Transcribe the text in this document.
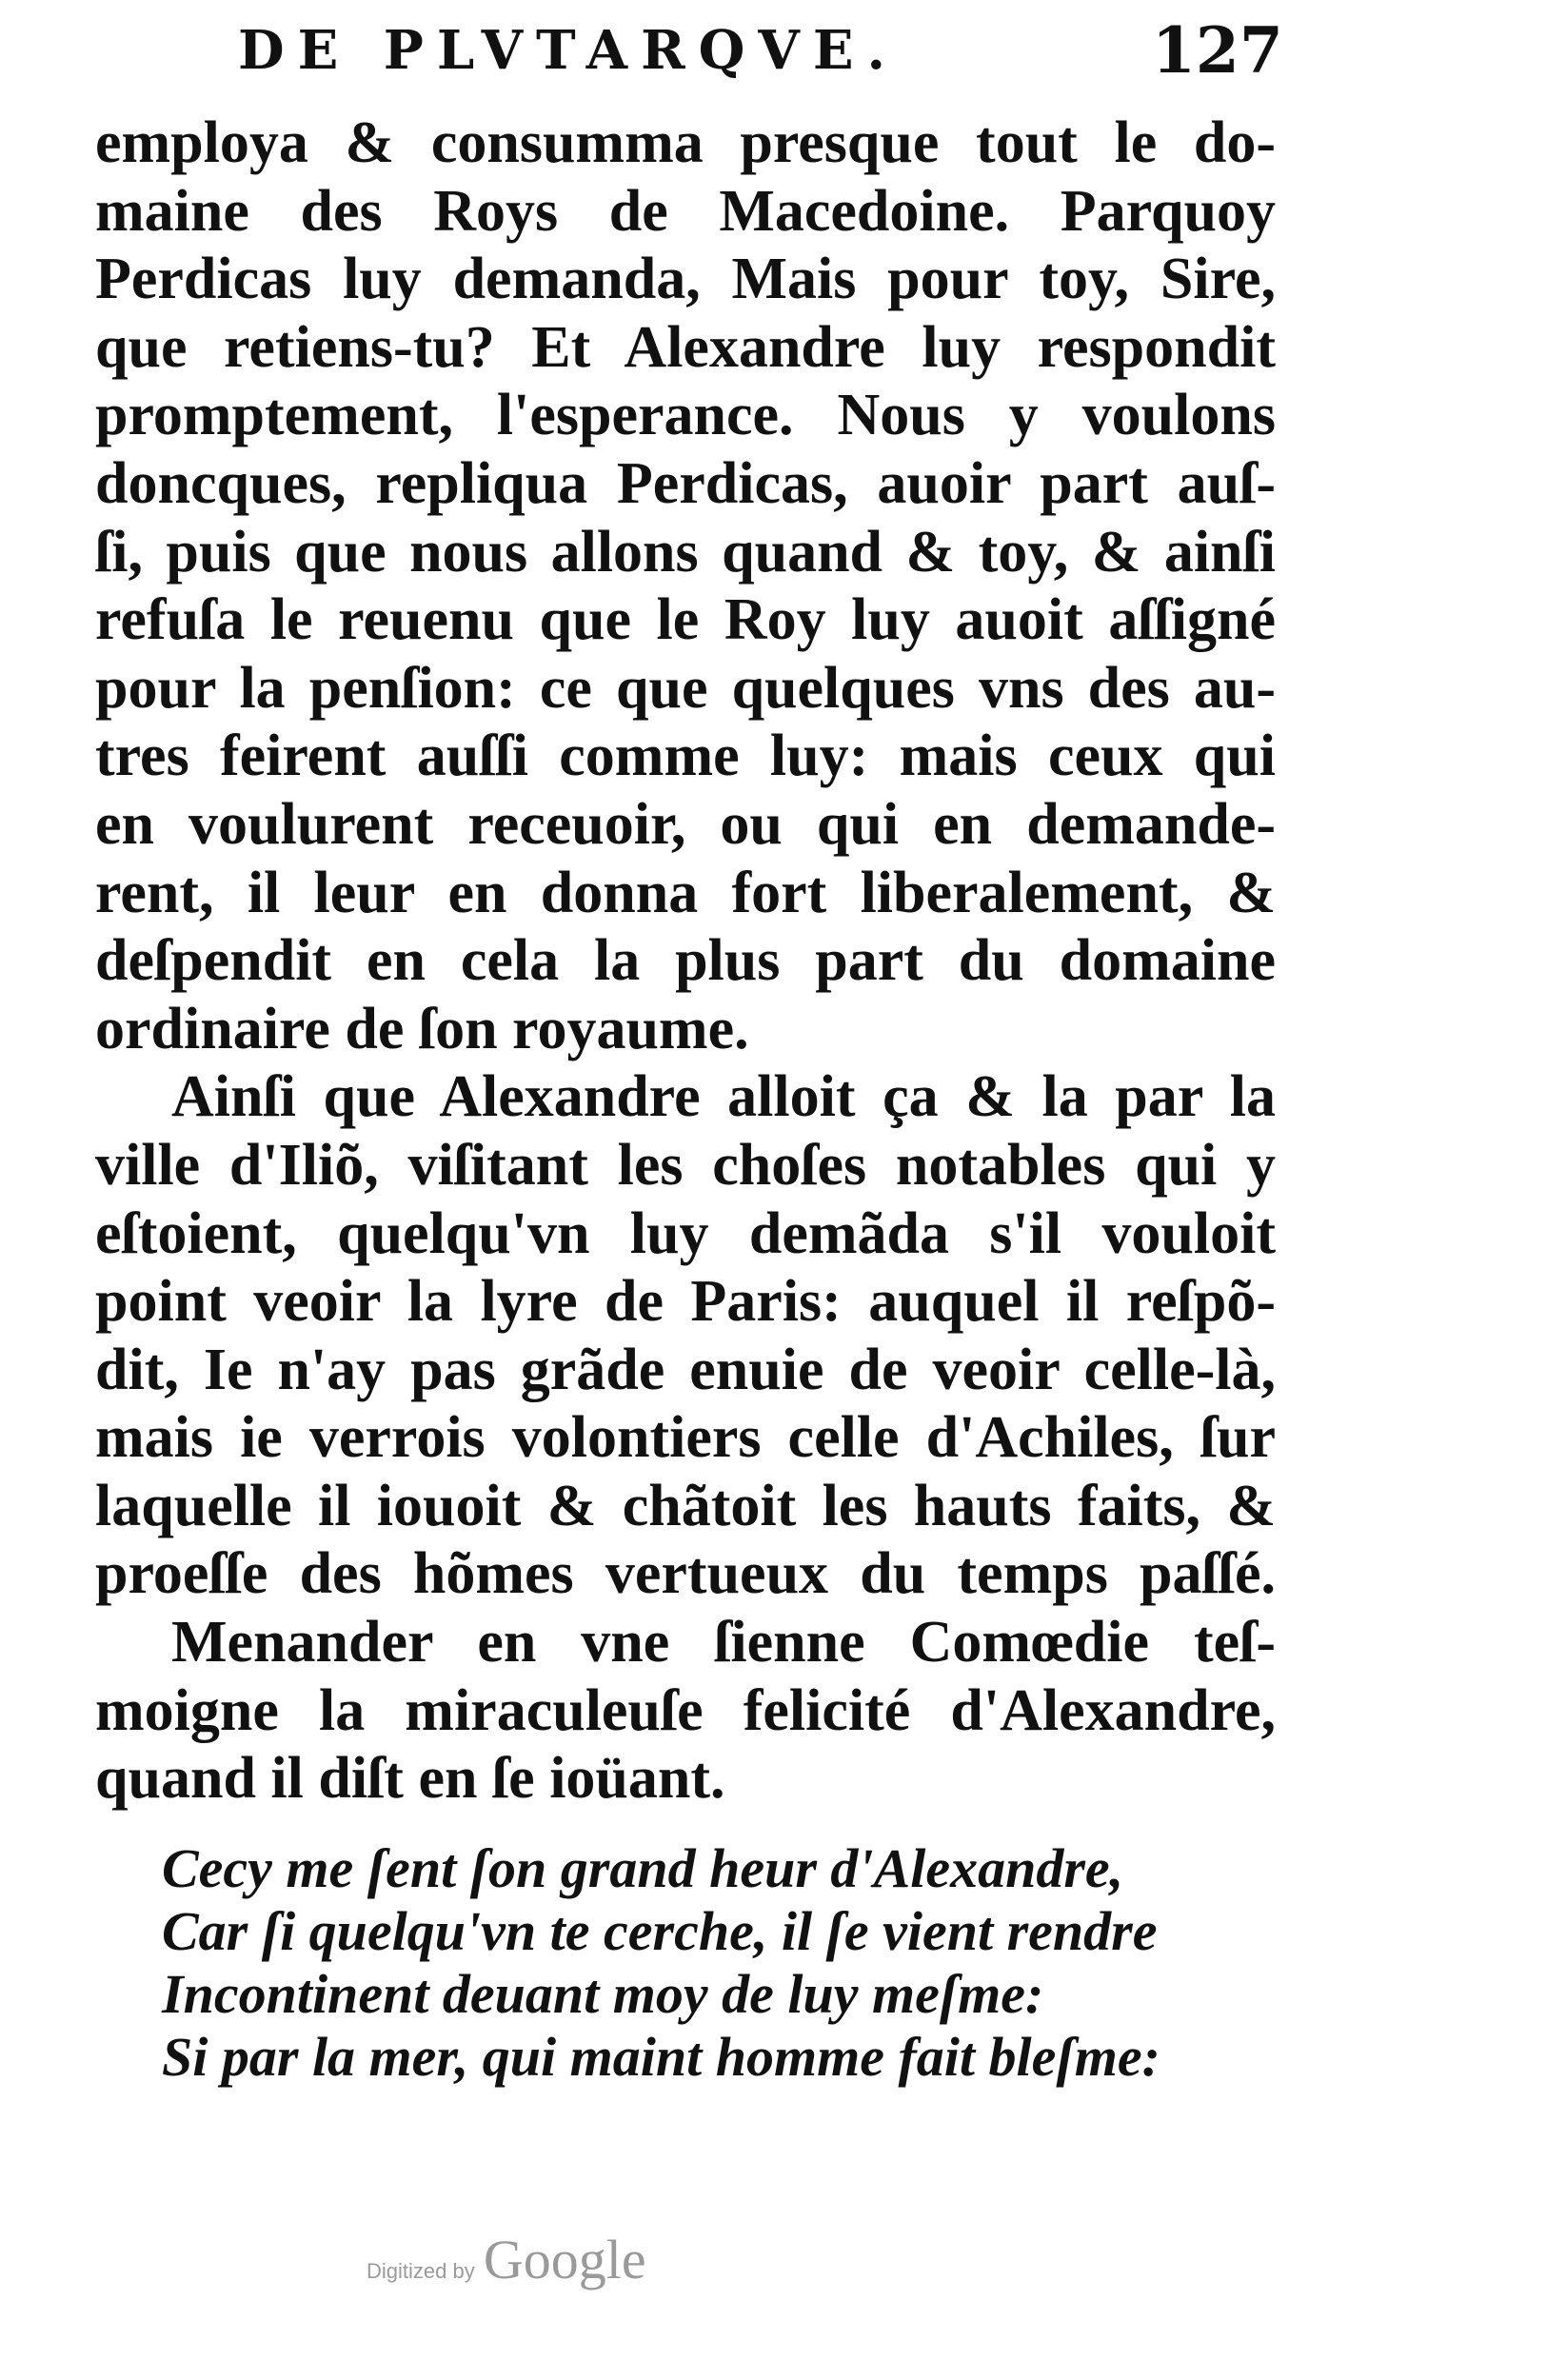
DE PLVTARQVE.	127
employa & consumma presque tout le do-
maine des Roys de Macedoine. Parquoy
Perdicas luy demanda, Mais pour toy, Sire,
que retiens-tu? Et Alexandre luy respondit
promptement, l'esperance. Nous y voulons
doncques, repliqua Perdicas, auoir part auſ-
ſi, puis que nous allons quand & toy, & ainſi
refuſa le reuenu que le Roy luy auoit aſſigné
pour la penſion: ce que quelques vns des au-
tres feirent auſſi comme luy: mais ceux qui
en voulurent receuoir, ou qui en demande-
rent, il leur en donna fort liberalement, &
deſpendit en cela la plus part du domaine
ordinaire de ſon royaume.
Ainſi que Alexandre alloit ça & la par la
ville d'Iliõ, viſitant les choſes notables qui y
eſtoient, quelqu'vn luy demãda s'il vouloit
point veoir la lyre de Paris: auquel il reſpõ-
dit, Ie n'ay pas grãde enuie de veoir celle-là,
mais ie verrois volontiers celle d'Achiles, ſur
laquelle il iouoit & chãtoit les hauts faits, &
proeſſe des hõmes vertueux du temps paſſé.
Menander en vne ſienne Comœdie teſ-
moigne la miraculeuſe felicité d'Alexandre,
quand il diſt en ſe ioüant.
Cecy me ſent ſon grand heur d'Alexandre,
Car ſi quelqu'vn te cerche, il ſe vient rendre
Incontinent deuant moy de luy meſme:
Si par la mer, qui maint homme fait bleſme:
Digitized by Google
